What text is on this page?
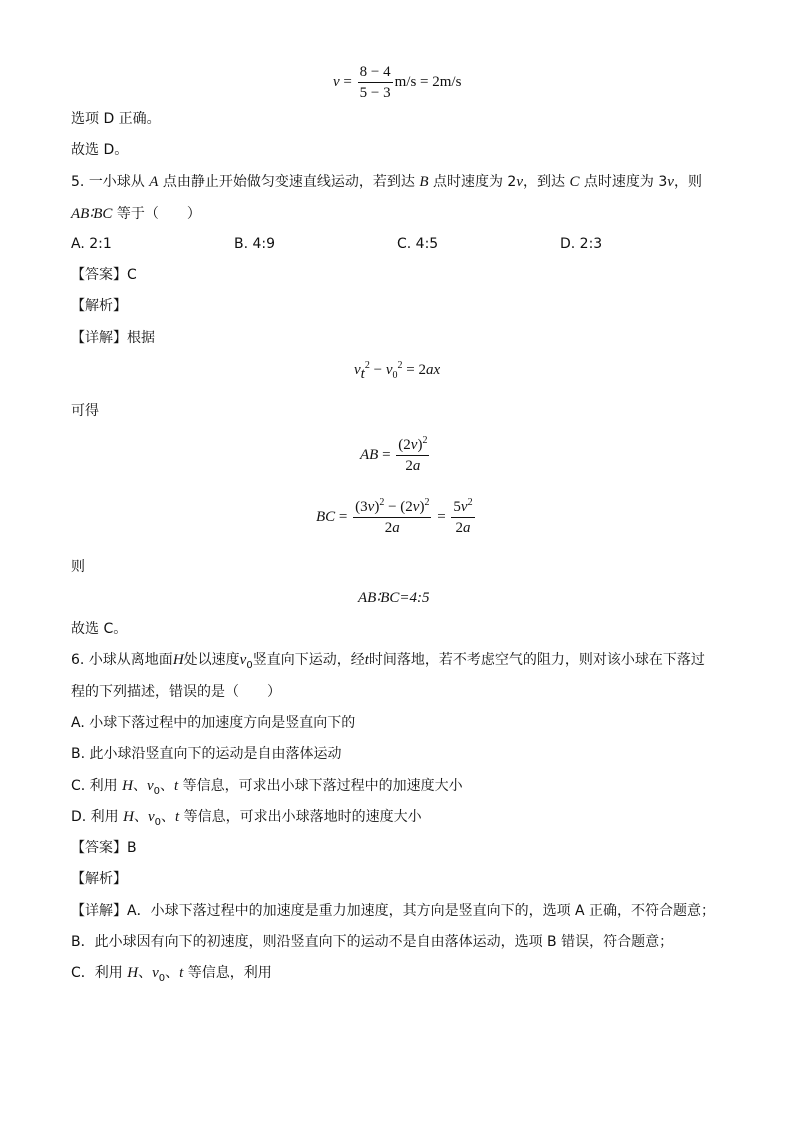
$v = \frac{8 - 4}{5 - 3} m/s = 2m/s$
选项 D 正确。
故选 D。
5. 一小球从 A 点由静止开始做匀变速直线运动，若到达 B 点时速度为 2v，到达 C 点时速度为 3v，则
AB∶BC 等于（　　）
A. 2:1	B. 4:9	C. 4:5	D. 2:3
【答案】C
【解析】
【详解】根据
$v_t^2 - v_0^2 = 2ax$
可得
AB = $\frac{(2v)^2}{2a}$
BC = $\frac{(3v)^2 - (2v)^2}{2a} = \frac{5v^2}{2a}$
则
AB∶BC=4:5
故选 C。
6. 小球从离地面H处以速度$v_0$竖直向下运动，经t时间落地，若不考虑空气的阻力，则对该小球在下落过
程的下列描述，错误的是（　　）
A. 小球下落过程中的加速度方向是竖直向下的
B. 此小球沿竖直向下的运动是自由落体运动
C. 利用 H、$v_0$、t 等信息，可求出小球下落过程中的加速度大小
D. 利用 H、$v_0$、t 等信息，可求出小球落地时的速度大小
【答案】B
【解析】
【详解】A．小球下落过程中的加速度是重力加速度，其方向是竖直向下的，选项 A 正确，不符合题意；
B．此小球因有向下的初速度，则沿竖直向下的运动不是自由落体运动，选项 B 错误，符合题意；
C．利用 H、$v_0$、t 等信息，利用
